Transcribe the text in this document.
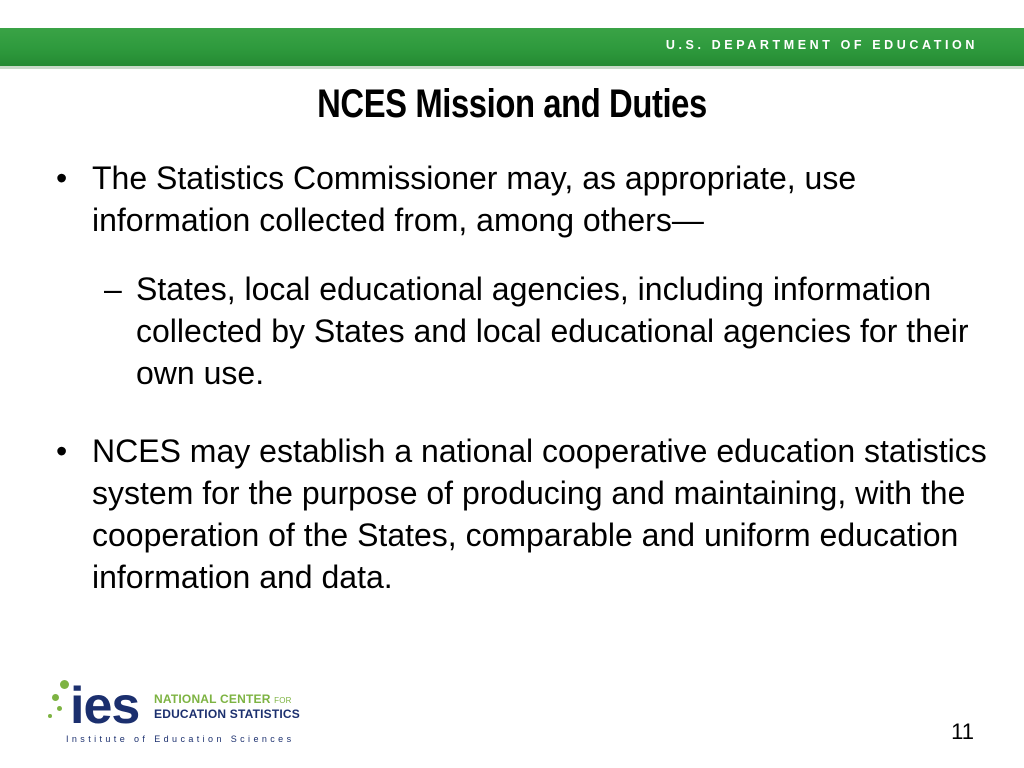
U.S. DEPARTMENT OF EDUCATION
NCES Mission and Duties
• The Statistics Commissioner may, as appropriate, use information collected from, among others—
– States, local educational agencies, including information collected by States and local educational agencies for their own use.
• NCES may establish a national cooperative education statistics system for the purpose of producing and maintaining, with the cooperation of the States, comparable and uniform education information and data.
ies NATIONAL CENTER FOR
EDUCATION STATISTICS
Institute of Education Sciences	11
